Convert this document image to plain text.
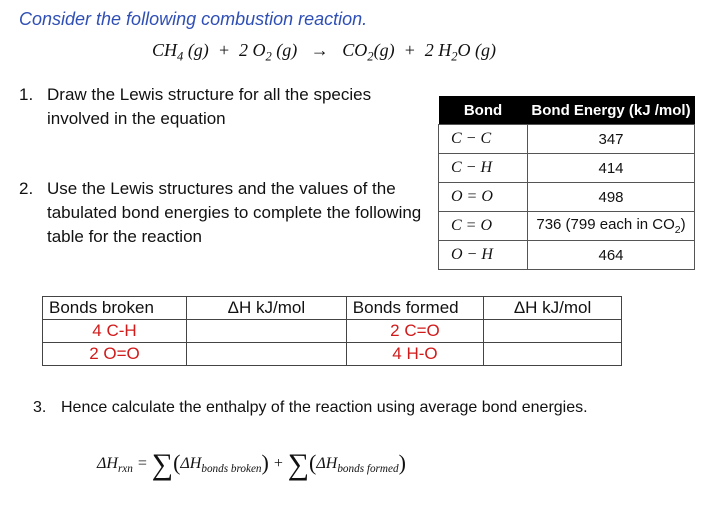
Consider the following combustion reaction.
$CH_4$ (g) + 2 $O_2$ $(g) \to CO_2(g) + 2$ $H_2O$ (g)
1. Draw the Lewis structure for all the species involved in the equation
2. Use the Lewis structures and the values of the tabulated bond energies to complete the following table for the reaction
Bond	Bond Energy (kJ /mol)
C − C	347
C − H	414
O = O	498
C = O	736 (799 each in $CO_2$)
O − H	464
Bonds broken	ΔH kJ/mol	Bonds formed	ΔH kJ/mol
4 C-H		2 C=O	
2 O=O		4 H-O	
3. Hence calculate the enthalpy of the reaction using average bond energies.
$\Delta H_{rxn} = \sum(\Delta H_{bonds broken}) + \sum(\Delta H_{bonds formed})$
